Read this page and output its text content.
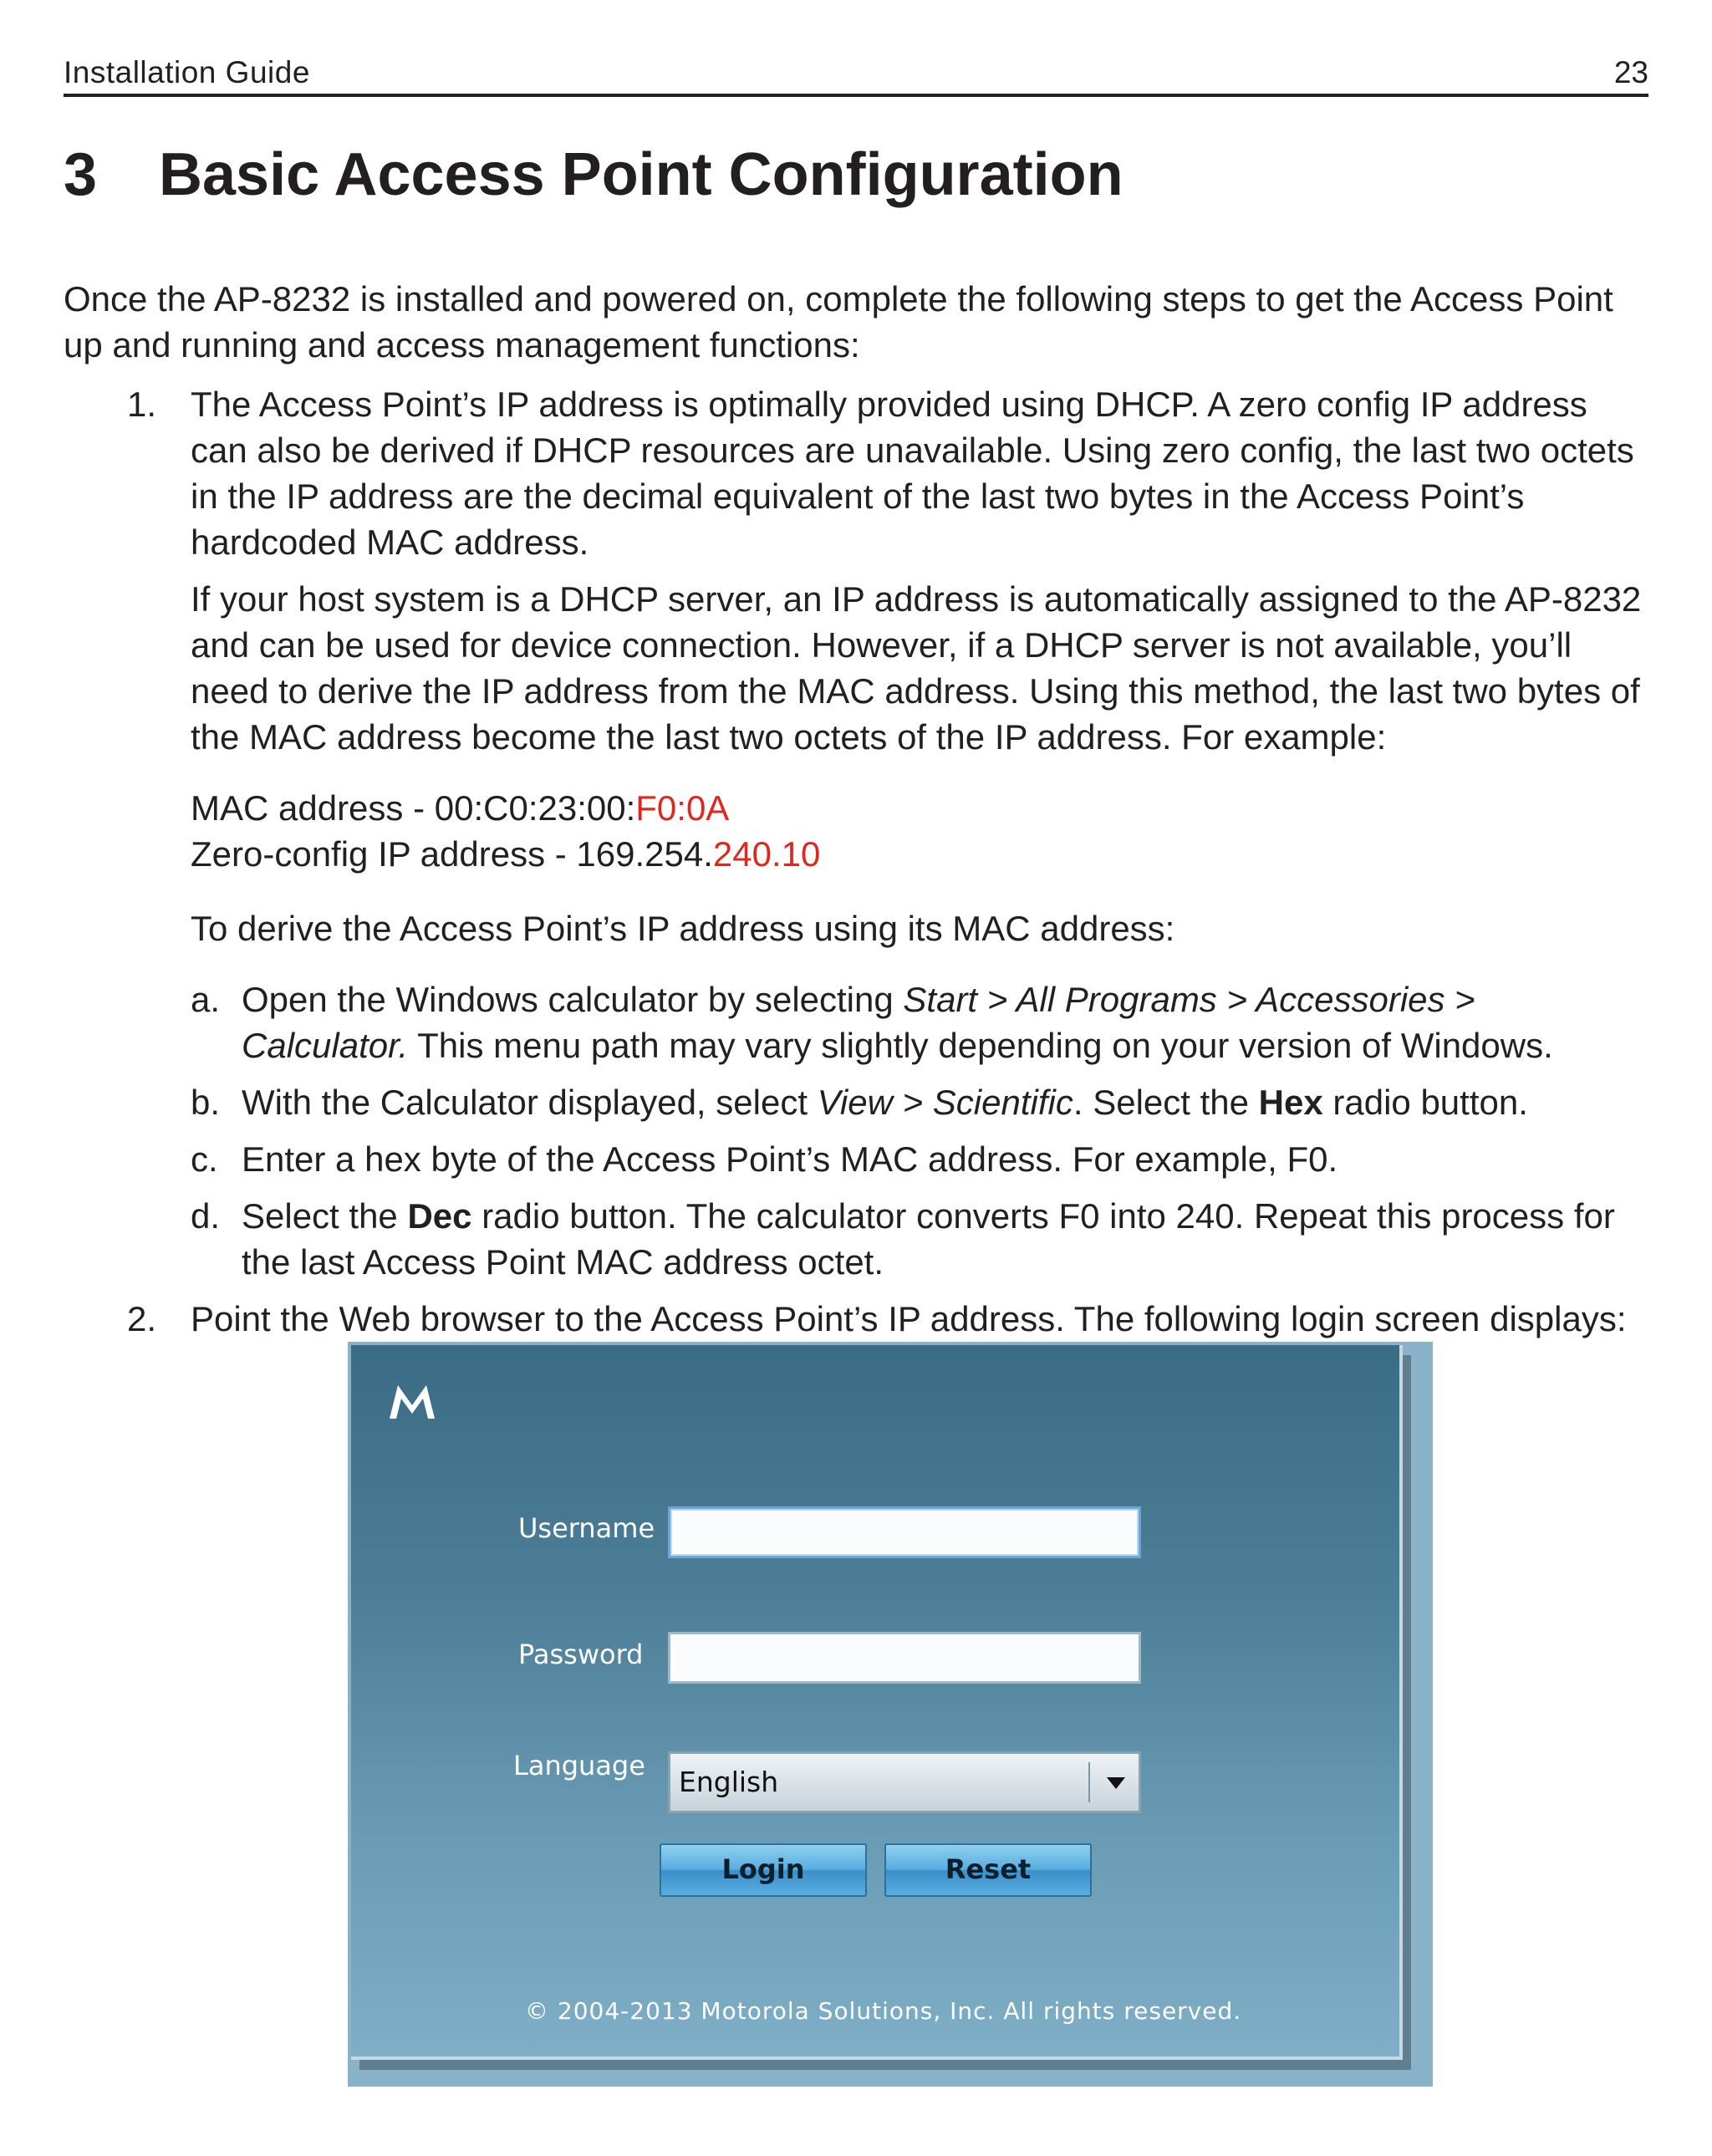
Installation Guide	23
3 Basic Access Point Configuration

Once the AP-8232 is installed and powered on, complete the following steps to get the Access Point up and running and access management functions:

1. The Access Point’s IP address is optimally provided using DHCP. A zero config IP address can also be derived if DHCP resources are unavailable. Using zero config, the last two octets in the IP address are the decimal equivalent of the last two bytes in the Access Point’s hardcoded MAC address.

If your host system is a DHCP server, an IP address is automatically assigned to the AP-8232 and can be used for device connection. However, if a DHCP server is not available, you’ll need to derive the IP address from the MAC address. Using this method, the last two bytes of the MAC address become the last two octets of the IP address. For example:

MAC address - 00:C0:23:00:F0:0A

Zero-config IP address - 169.254.240.10

To derive the Access Point’s IP address using its MAC address:

a. Open the Windows calculator by selecting Start > All Programs > Accessories > Calculator. This menu path may vary slightly depending on your version of Windows.

b. With the Calculator displayed, select View > Scientific. Select the Hex radio button.

c. Enter a hex byte of the Access Point’s MAC address. For example, F0.

d. Select the Dec radio button. The calculator converts F0 into 240. Repeat this process for the last Access Point MAC address octet.

2. Point the Web browser to the Access Point’s IP address. The following login screen displays:

Username
Password
Language English
Login	Reset
© 2004-2013 Motorola Solutions, Inc. All rights reserved.
